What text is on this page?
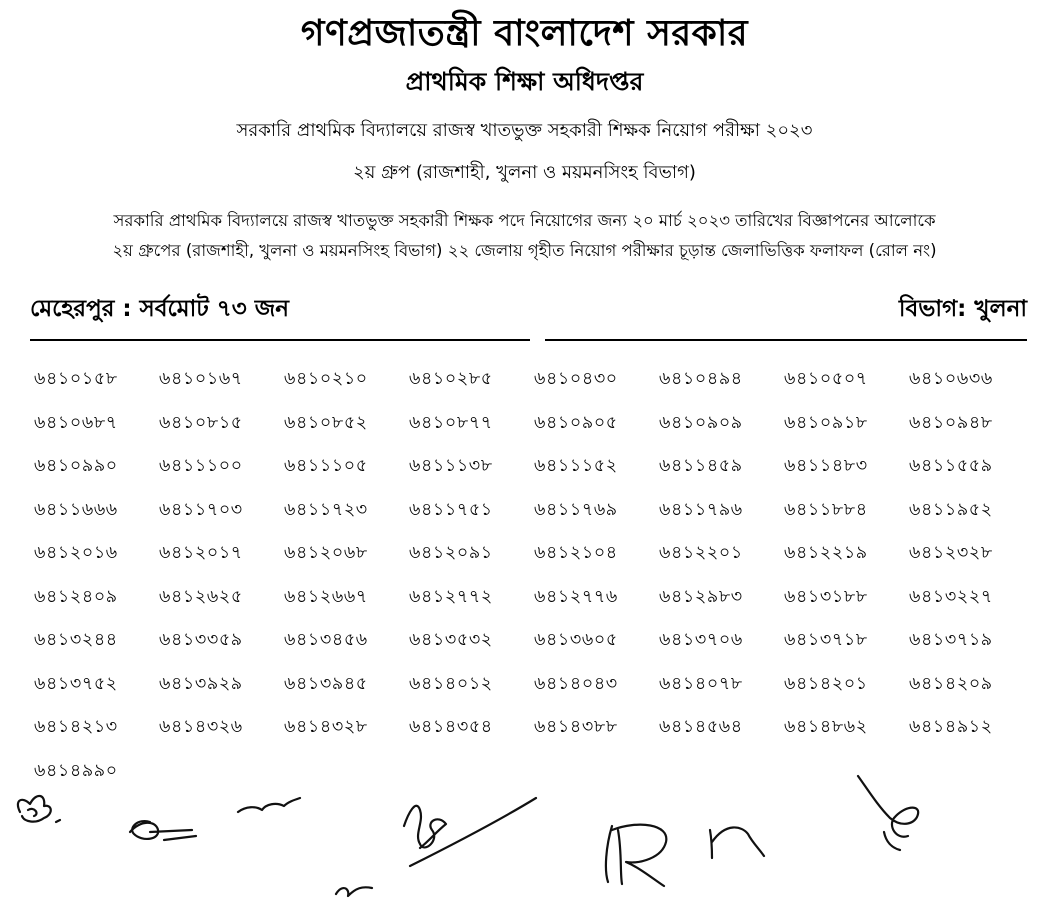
গণপ্রজাতন্ত্রী বাংলাদেশ সরকার
প্রাথমিক শিক্ষা অধিদপ্তর
সরকারি প্রাথমিক বিদ্যালয়ে রাজস্ব খাতভুক্ত সহকারী শিক্ষক নিয়োগ পরীক্ষা ২০২৩
২য় গ্রুপ (রাজশাহী, খুলনা ও ময়মনসিংহ বিভাগ)
সরকারি প্রাথমিক বিদ্যালয়ে রাজস্ব খাতভুক্ত সহকারী শিক্ষক পদে নিয়োগের জন্য ২০ মার্চ ২০২৩ তারিখের বিজ্ঞাপনের আলোকে
২য় গ্রুপের (রাজশাহী, খুলনা ও ময়মনসিংহ বিভাগ) ২২ জেলায় গৃহীত নিয়োগ পরীক্ষার চূড়ান্ত জেলাভিত্তিক ফলাফল (রোল নং)
মেহেরপুর : সর্বমোট ৭৩ জন	বিভাগ: খুলনা
৬৪১০১৫৮	৬৪১০১৬৭	৬৪১০২১০	৬৪১০২৮৫	৬৪১০৪৩০	৬৪১০৪৯৪	৬৪১০৫০৭	৬৪১০৬৩৬
৬৪১০৬৮৭	৬৪১০৮১৫	৬৪১০৮৫২	৬৪১০৮৭৭	৬৪১০৯০৫	৬৪১০৯০৯	৬৪১০৯১৮	৬৪১০৯৪৮
৬৪১০৯৯০	৬৪১১১০০	৬৪১১১০৫	৬৪১১১৩৮	৬৪১১১৫২	৬৪১১৪৫৯	৬৪১১৪৮৩	৬৪১১৫৫৯
৬৪১১৬৬৬	৬৪১১৭০৩	৬৪১১৭২৩	৬৪১১৭৫১	৬৪১১৭৬৯	৬৪১১৭৯৬	৬৪১১৮৮৪	৬৪১১৯৫২
৬৪১২০১৬	৬৪১২০১৭	৬৪১২০৬৮	৬৪১২০৯১	৬৪১২১০৪	৬৪১২২০১	৬৪১২২১৯	৬৪১২৩২৮
৬৪১২৪০৯	৬৪১২৬২৫	৬৪১২৬৬৭	৬৪১২৭৭২	৬৪১২৭৭৬	৬৪১২৯৮৩	৬৪১৩১৮৮	৬৪১৩২২৭
৬৪১৩২৪৪	৬৪১৩৩৫৯	৬৪১৩৪৫৬	৬৪১৩৫৩২	৬৪১৩৬০৫	৬৪১৩৭০৬	৬৪১৩৭১৮	৬৪১৩৭১৯
৬৪১৩৭৫২	৬৪১৩৯২৯	৬৪১৩৯৪৫	৬৪১৪০১২	৬৪১৪০৪৩	৬৪১৪০৭৮	৬৪১৪২০১	৬৪১৪২০৯
৬৪১৪২১৩	৬৪১৪৩২৬	৬৪১৪৩২৮	৬৪১৪৩৫৪	৬৪১৪৩৮৮	৬৪১৪৫৬৪	৬৪১৪৮৬২	৬৪১৪৯১২
৬৪১৪৯৯০
